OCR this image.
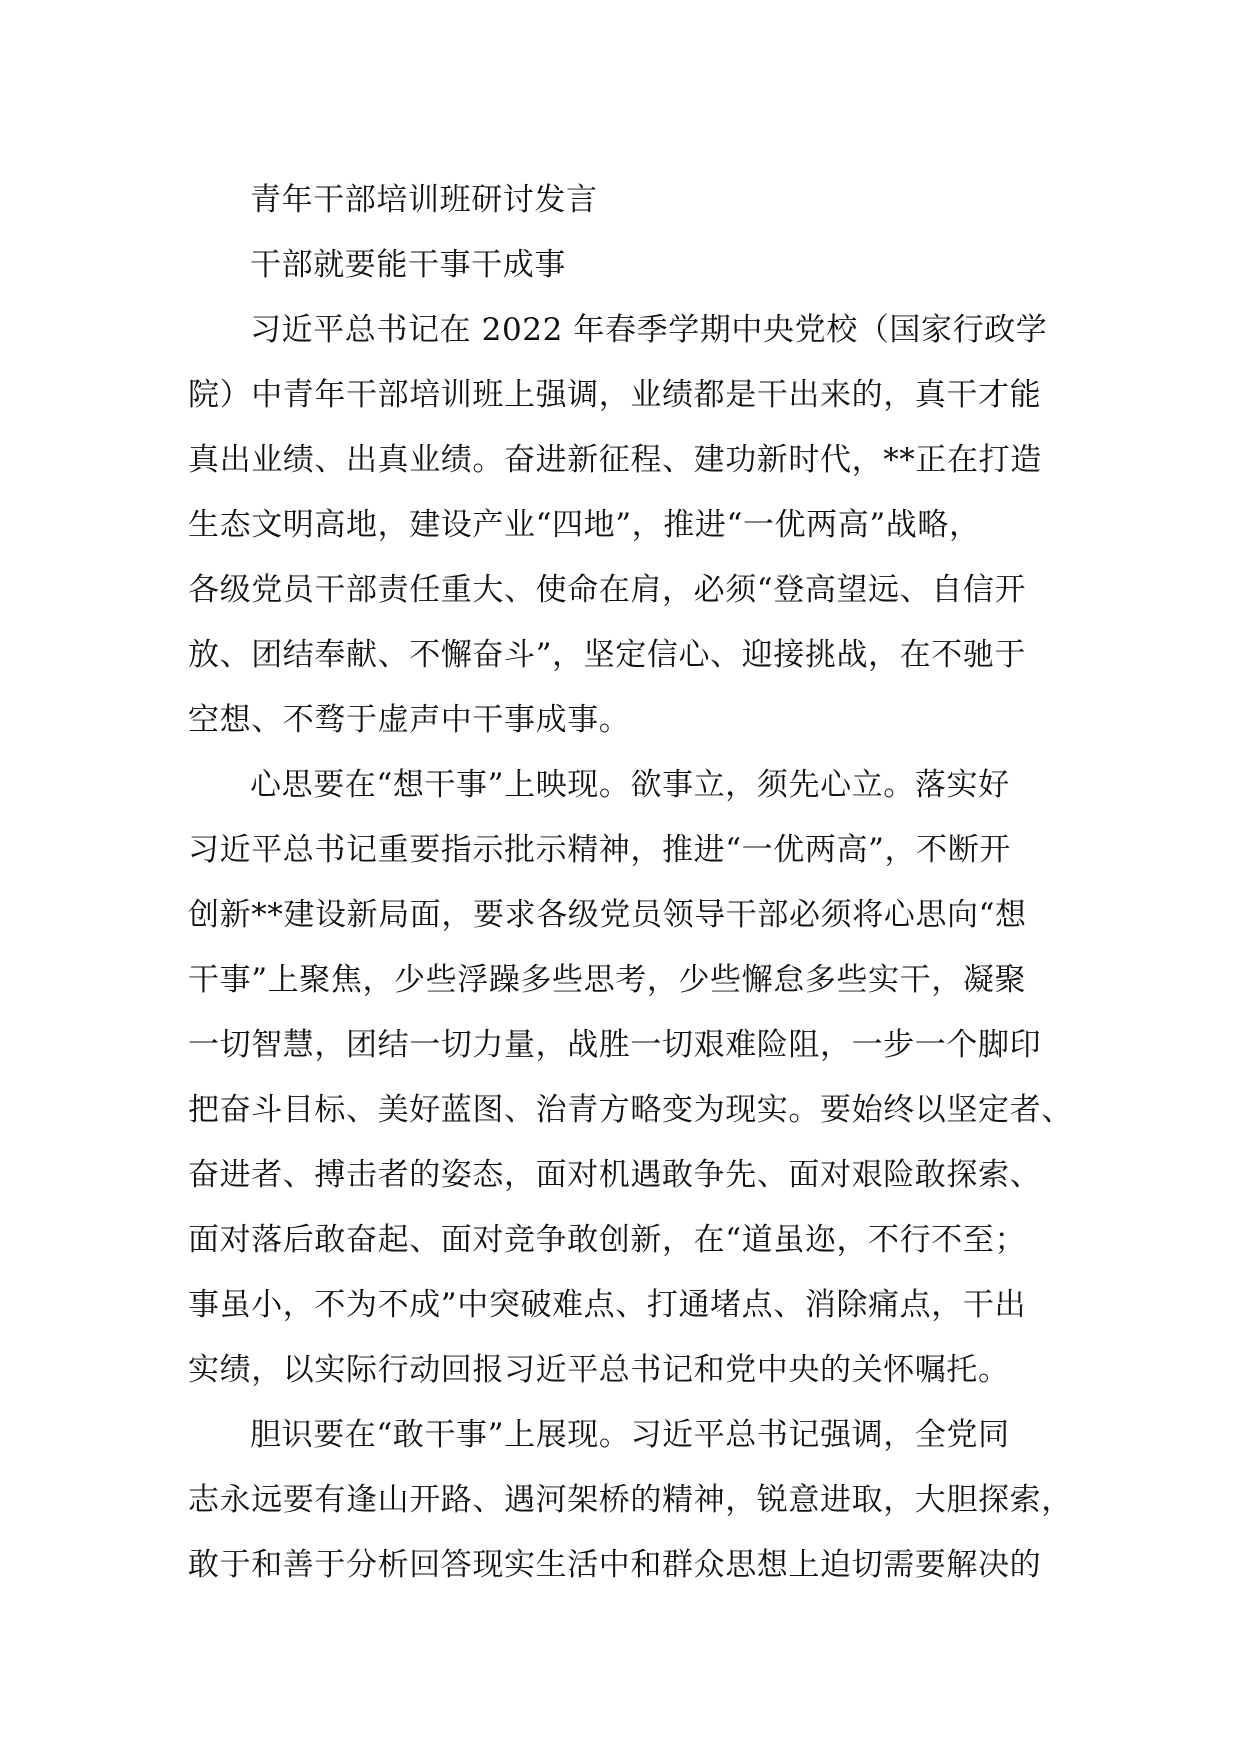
青年干部培训班研讨发言
干部就要能干事干成事
习近平总书记在 2022 年春季学期中央党校（国家行政学
院）中青年干部培训班上强调，业绩都是干出来的，真干才能
真出业绩、出真业绩。奋进新征程、建功新时代，**正在打造
生态文明高地，建设产业“四地”，推进“一优两高”战略，
各级党员干部责任重大、使命在肩，必须“登高望远、自信开
放、团结奉献、不懈奋斗”，坚定信心、迎接挑战，在不驰于
空想、不骛于虚声中干事成事。
心思要在“想干事”上映现。欲事立，须先心立。落实好
习近平总书记重要指示批示精神，推进“一优两高”，不断开
创新**建设新局面，要求各级党员领导干部必须将心思向“想
干事”上聚焦，少些浮躁多些思考，少些懈怠多些实干，凝聚
一切智慧，团结一切力量，战胜一切艰难险阻，一步一个脚印
把奋斗目标、美好蓝图、治青方略变为现实。要始终以坚定者、
奋进者、搏击者的姿态，面对机遇敢争先、面对艰险敢探索、
面对落后敢奋起、面对竞争敢创新，在“道虽迩，不行不至；
事虽小，不为不成”中突破难点、打通堵点、消除痛点，干出
实绩，以实际行动回报习近平总书记和党中央的关怀嘱托。
胆识要在“敢干事”上展现。习近平总书记强调，全党同
志永远要有逢山开路、遇河架桥的精神，锐意进取，大胆探索，
敢于和善于分析回答现实生活中和群众思想上迫切需要解决的
